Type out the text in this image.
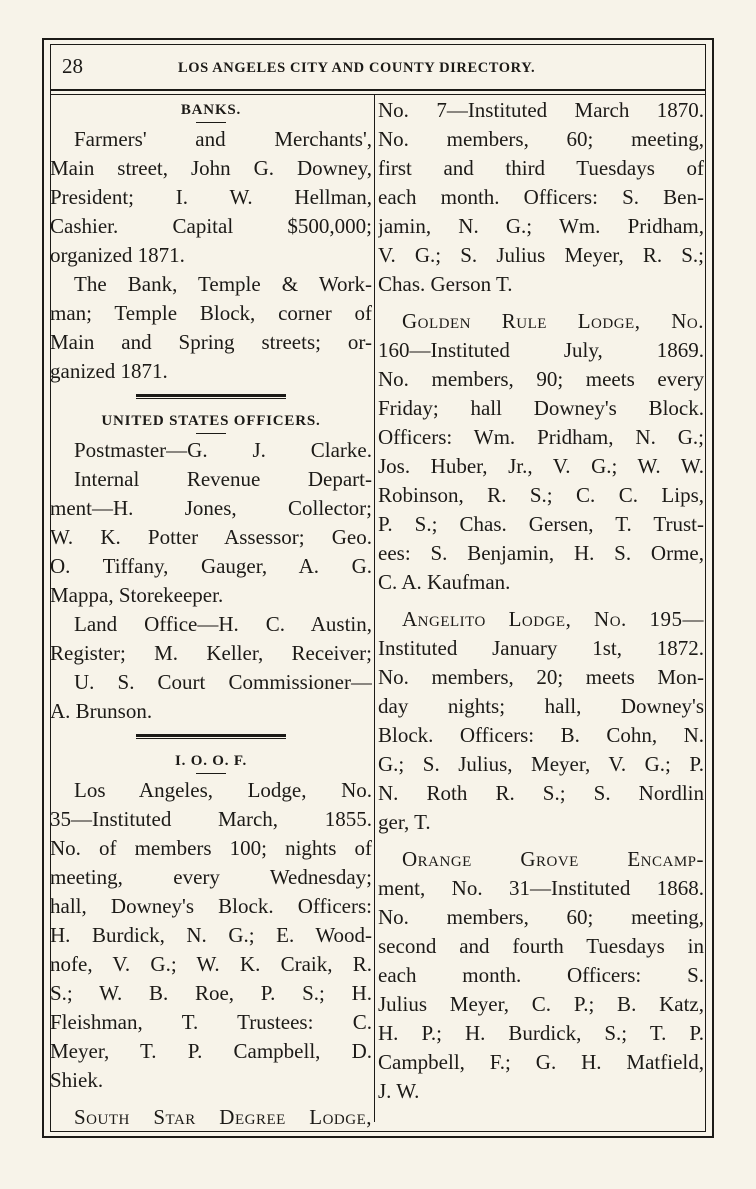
28	LOS ANGELES CITY AND COUNTY DIRECTORY.
BANKS.
Farmers' and Merchants',
Main street, John G. Downey,
President; I. W. Hellman,
Cashier. Capital $500,000;
organized 1871.
The Bank, Temple & Work-
man; Temple Block, corner of
Main and Spring streets; or-
ganized 1871.
UNITED STATES OFFICERS.
Postmaster—G. J. Clarke.
Internal Revenue Depart-
ment—H. Jones, Collector;
W. K. Potter Assessor; Geo.
O. Tiffany, Gauger, A. G.
Mappa, Storekeeper.
Land Office—H. C. Austin,
Register; M. Keller, Receiver;
U. S. Court Commissioner—
A. Brunson.
I. O. O. F.
Los Angeles, Lodge, No.
35—Instituted March, 1855.
No. of members 100; nights of
meeting, every Wednesday;
hall, Downey's Block. Officers:
H. Burdick, N. G.; E. Wood-
nofe, V. G.; W. K. Craik, R.
S.; W. B. Roe, P. S.; H.
Fleishman, T. Trustees: C.
Meyer, T. P. Campbell, D.
Shiek.
South Star Degree Lodge,
No. 7—Instituted March 1870.
No. members, 60; meeting,
first and third Tuesdays of
each month. Officers: S. Ben-
jamin, N. G.; Wm. Pridham,
V. G.; S. Julius Meyer, R. S.;
Chas. Gerson T.
Golden Rule Lodge, No.
160—Instituted July, 1869.
No. members, 90; meets every
Friday; hall Downey's Block.
Officers: Wm. Pridham, N. G.;
Jos. Huber, Jr., V. G.; W. W.
Robinson, R. S.; C. C. Lips,
P. S.; Chas. Gersen, T. Trust-
ees: S. Benjamin, H. S. Orme,
C. A. Kaufman.
Angelito Lodge, No. 195—
Instituted January 1st, 1872.
No. members, 20; meets Mon-
day nights; hall, Downey's
Block. Officers: B. Cohn, N.
G.; S. Julius, Meyer, V. G.; P.
N. Roth R. S.; S. Nordlin
ger, T.
Orange Grove Encamp-
ment, No. 31—Instituted 1868.
No. members, 60; meeting,
second and fourth Tuesdays in
each month. Officers: S.
Julius Meyer, C. P.; B. Katz,
H. P.; H. Burdick, S.; T. P.
Campbell, F.; G. H. Matfield,
J. W.
